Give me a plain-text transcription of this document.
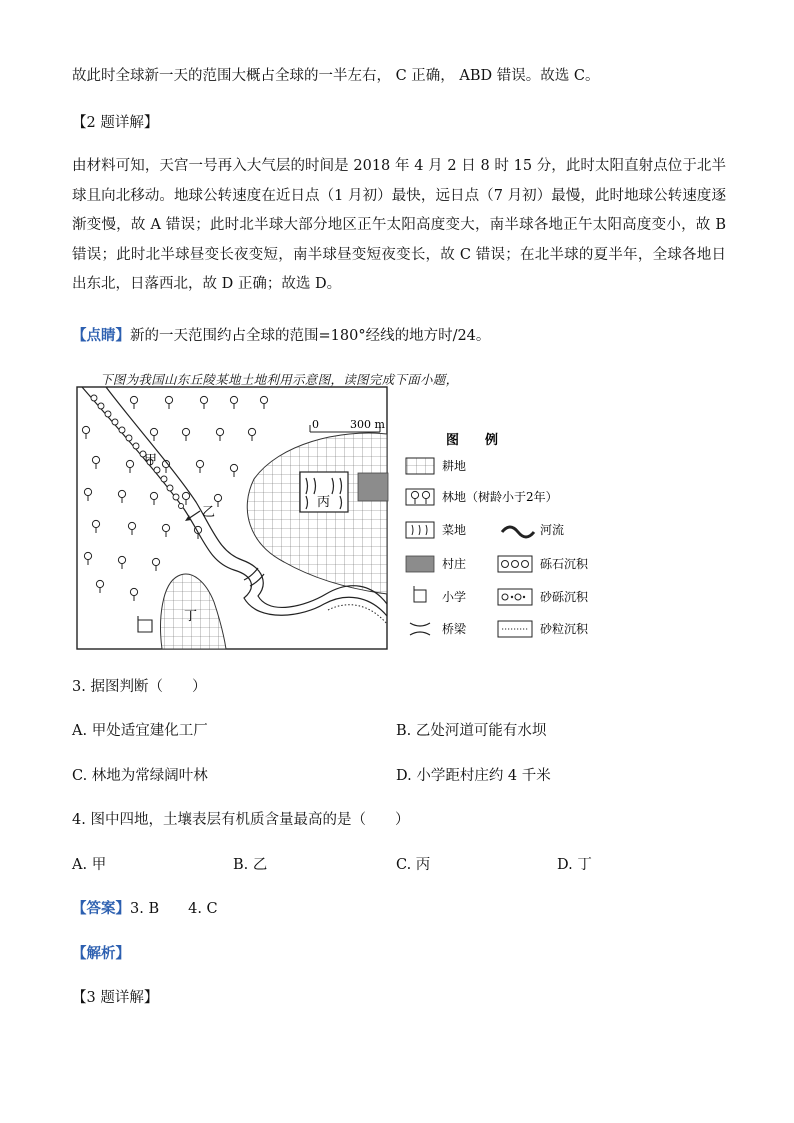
故此时全球新一天的范围大概占全球的一半左右， C 正确， ABD 错误。故选 C。
【2 题详解】
由材料可知，天宫一号再入大气层的时间是 2018 年 4 月 2 日 8 时 15 分，此时太阳直射点位于北半球且向北移动。地球公转速度在近日点（1 月初）最快，远日点（7 月初）最慢，此时地球公转速度逐渐变慢，故 A 错误；此时北半球大部分地区正午太阳高度变大，南半球各地正午太阳高度变小，故 B 错误；此时北半球昼变长夜变短，南半球昼变短夜变长，故 C 错误；在北半球的夏半年，全球各地日出东北，日落西北，故 D 正确；故选 D。
【点睛】新的一天范围约占全球的范围=180°经线的地方时/24。
下图为我国山东丘陵某地土地利用示意图，读图完成下面小题，
丙
甲
乙
丁
0	300 m
图　　例
耕地
林地（树龄小于2年）
菜地	河流
村庄	砾石沉积
小学	砂砾沉积
桥梁	砂粒沉积
3. 据图判断（　　）
A. 甲处适宜建化工厂	B. 乙处河道可能有水坝
C. 林地为常绿阔叶林	D. 小学距村庄约 4 千米
4. 图中四地，土壤表层有机质含量最高的是（　　）
A. 甲	B. 乙	C. 丙	D. 丁
【答案】3. B　　4. C
【解析】
【3 题详解】
